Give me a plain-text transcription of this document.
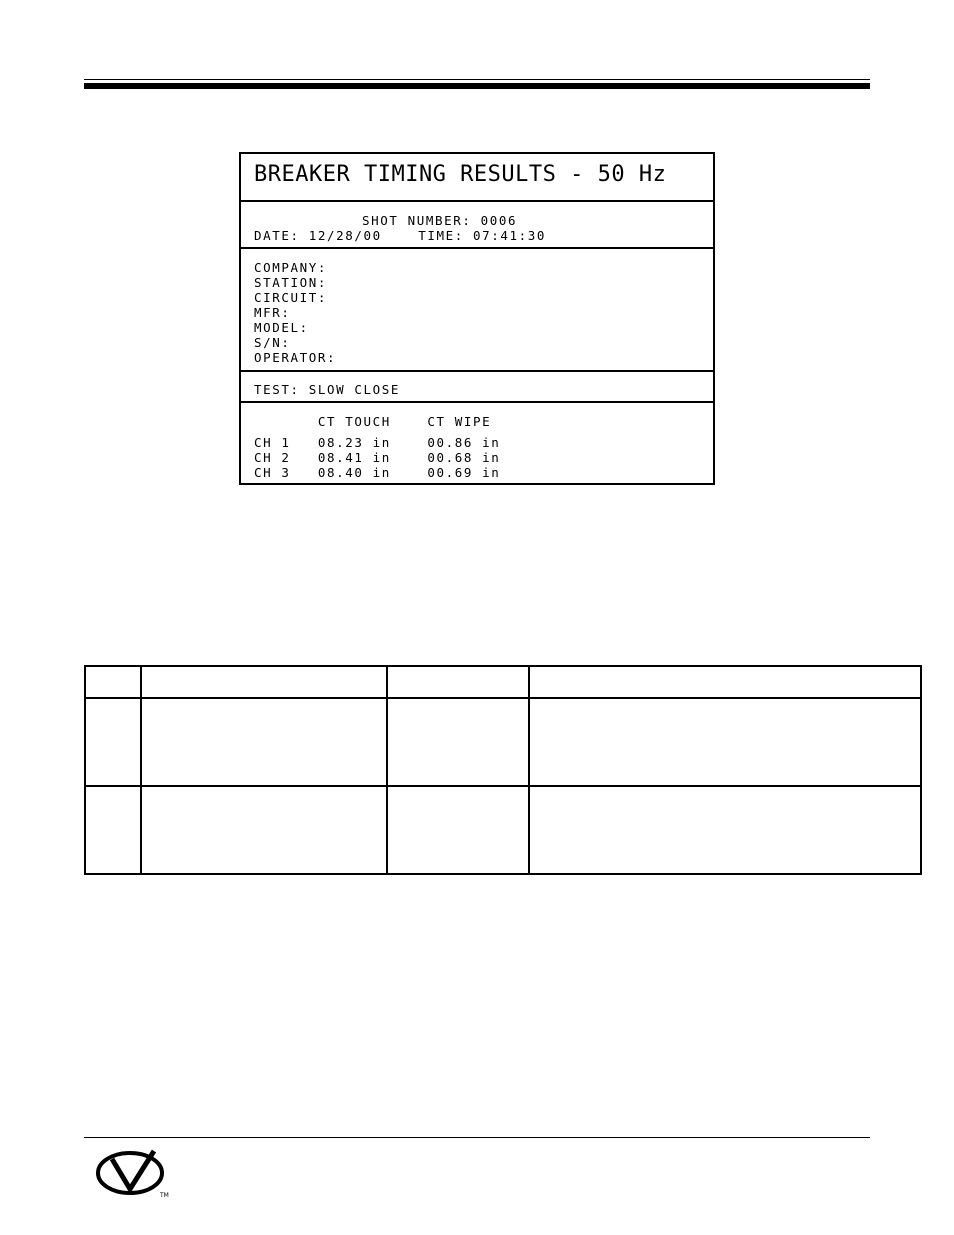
BREAKER TIMING RESULTS - 50 Hz
SHOT NUMBER: 0006
DATE: 12/28/00    TIME: 07:41:30
COMPANY:
STATION:
CIRCUIT:
MFR:
MODEL:
S/N:
OPERATOR:
TEST: SLOW CLOSE
CT TOUCH    CT WIPE
CH 1   08.23 in    00.86 in
CH 2   08.41 in    00.68 in
CH 3   08.40 in    00.69 in

TM
